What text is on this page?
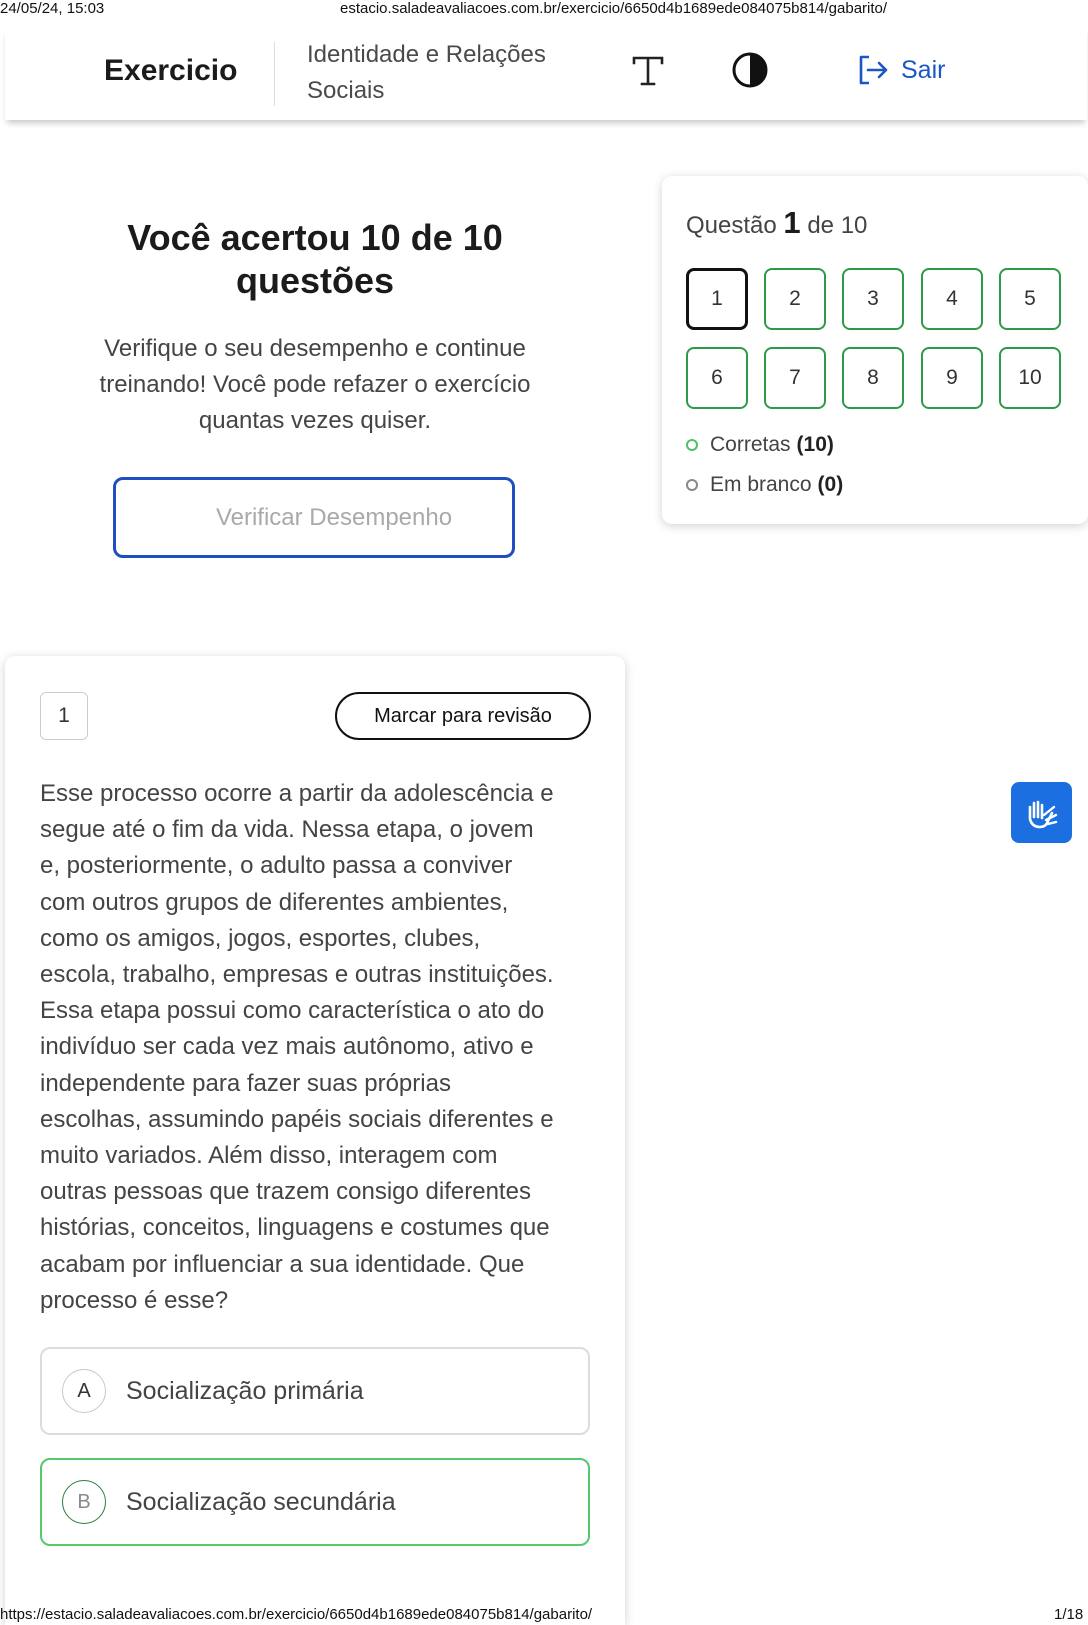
24/05/24, 15:03	estacio.saladeavaliacoes.com.br/exercicio/6650d4b1689ede084075b814/gabarito/
Exercicio	Identidade e Relações
Sociais
Sair
Você acertou 10 de 10
questões
Verifique o seu desempenho e continue
treinando! Você pode refazer o exercício
quantas vezes quiser.
Verificar Desempenho
Questão 1 de 10
1	2	3	4	5
6	7	8	9	10
Corretas (10)
Em branco (0)
1	Marcar para revisão
Esse processo ocorre a partir da adolescência e
segue até o fim da vida. Nessa etapa, o jovem
e, posteriormente, o adulto passa a conviver
com outros grupos de diferentes ambientes,
como os amigos, jogos, esportes, clubes,
escola, trabalho, empresas e outras instituições.
Essa etapa possui como característica o ato do
indivíduo ser cada vez mais autônomo, ativo e
independente para fazer suas próprias
escolhas, assumindo papéis sociais diferentes e
muito variados. Além disso, interagem com
outras pessoas que trazem consigo diferentes
histórias, conceitos, linguagens e costumes que
acabam por influenciar a sua identidade. Que
processo é esse?
A	Socialização primária
B	Socialização secundária
https://estacio.saladeavaliacoes.com.br/exercicio/6650d4b1689ede084075b814/gabarito/	1/18
